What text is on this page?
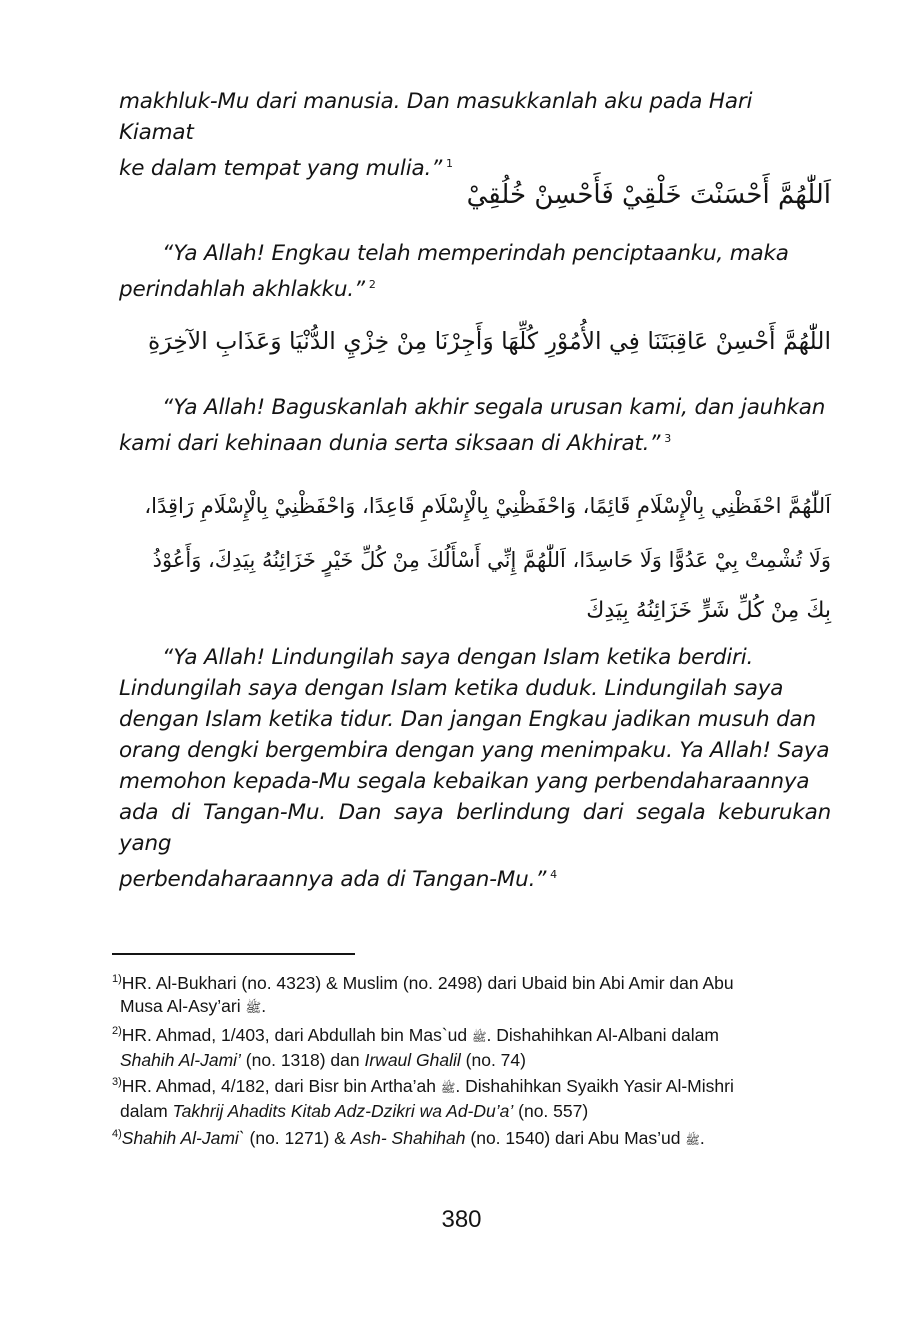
makhluk-Mu dari manusia. Dan masukkanlah aku pada Hari Kiamat
ke dalam tempat yang mulia.” $^1$

اَللّٰهُمَّ أَحْسَنْتَ خَلْقِيْ فَأَحْسِنْ خُلُقِيْ

“Ya Allah! Engkau telah memperindah penciptaanku, maka
perindahlah akhlakku.” $^2$

اللّٰهُمَّ أَحْسِنْ عَاقِبَتَنَا فِي الأُمُوْرِ كُلِّهَا وَأَجِرْنَا مِنْ خِزْيِ الدُّنْيَا وَعَذَابِ الآخِرَةِ

“Ya Allah! Baguskanlah akhir segala urusan kami, dan jauhkan
kami dari kehinaan dunia serta siksaan di Akhirat.” $^3$

اَللّٰهُمَّ احْفَظْنِي بِالْإِسْلَامِ قَائِمًا، وَاحْفَظْنِيْ بِالْإِسْلَامِ قَاعِدًا، وَاحْفَظْنِيْ بِالْإِسْلَامِ رَاقِدًا،

وَلَا تُشْمِتْ بِيْ عَدُوًّا وَلَا حَاسِدًا، اَللّٰهُمَّ إِنِّي أَسْأَلُكَ مِنْ كُلِّ خَيْرٍ خَزَائِنُهُ بِيَدِكَ، وَأَعُوْذُ

بِكَ مِنْ كُلِّ شَرٍّ خَزَائِنُهُ بِيَدِكَ

“Ya Allah! Lindungilah saya dengan Islam ketika berdiri.
Lindungilah saya dengan Islam ketika duduk. Lindungilah saya
dengan Islam ketika tidur. Dan jangan Engkau jadikan musuh dan
orang dengki bergembira dengan yang menimpaku. Ya Allah! Saya
memohon kepada-Mu segala kebaikan yang perbendaharaannya
ada di Tangan-Mu. Dan saya berlindung dari segala keburukan yang
perbendaharaannya ada di Tangan-Mu.” $^4$

$^{1)}$HR. Al-Bukhari (no. 4323) & Muslim (no. 2498) dari Ubaid bin Abi Amir dan Abu
Musa Al-Asy’ari ﷺ.

$^{2)}$HR. Ahmad, 1/403, dari Abdullah bin Mas`ud ﷺ. Dishahihkan Al-Albani dalam
Shahih Al-Jami’ (no. 1318) dan Irwaul Ghalil (no. 74)

$^{3)}$HR. Ahmad, 4/182, dari Bisr bin Artha’ah ﷺ. Dishahihkan Syaikh Yasir Al-Mishri
dalam Takhrij Ahadits Kitab Adz-Dzikri wa Ad-Du’a’ (no. 557)

$^{4)}$Shahih Al-Jami` (no. 1271) & Ash- Shahihah (no. 1540) dari Abu Mas’ud ﷺ.

380
